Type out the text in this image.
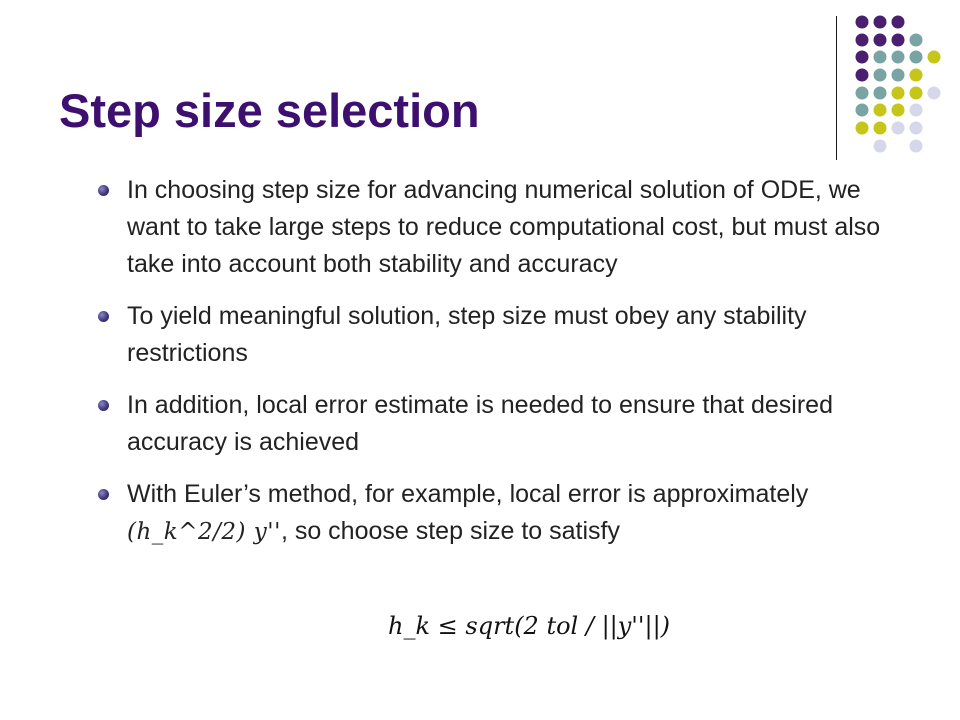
Step size selection
In choosing step size for advancing numerical solution of ODE, we want to take large steps to reduce computational cost, but must also take into account both stability and accuracy
To yield meaningful solution, step size must obey any stability restrictions
In addition, local error estimate is needed to ensure that desired accuracy is achieved
With Euler’s method, for example, local error is approximately (h_k^2/2) y'', so choose step size to satisfy
h_k ≤ sqrt(2 tol / ||y''||)
